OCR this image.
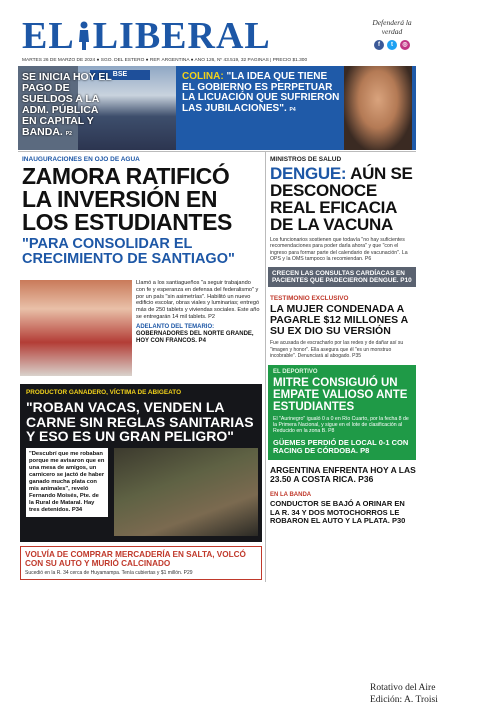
EL LIBERAL	Defenderá la verdad
f	t	◎
MARTES 26 DE MARZO DE 2024 ● SGO. DEL ESTERO ● REP. ARGENTINA ● AÑO 126, Nº 43.519, 32 PÁGINAS | PRECIO $1.300
BSE
SE INICIA HOY EL PAGO DE SUELDOS A LA ADM. PÚBLICA EN CAPITAL Y BANDA. P2
COLINA: "LA IDEA QUE TIENE EL GOBIERNO ES PERPETUAR LA LICUACIÓN QUE SUFRIERON LAS JUBILACIONES". P4
INAUGURACIONES EN OJO DE AGUA
ZAMORA RATIFICÓ LA INVERSIÓN EN LOS ESTUDIANTES
"PARA CONSOLIDAR EL CRECIMIENTO DE SANTIAGO"
Llamó a los santiagueños "a seguir trabajando con fe y esperanza en defensa del federalismo" y por un país "sin asimetrías". Habilitó un nuevo edificio escolar, obras viales y luminarias; entregó más de 250 tablets y viviendas sociales. Este año se entregarán 14 mil tablets. P2
ADELANTO DEL TEMARIO:
GOBERNADORES DEL NORTE GRANDE, HOY CON FRANCOS. P4
MINISTROS DE SALUD
DENGUE: AÚN SE DESCONOCE REAL EFICACIA DE LA VACUNA
Los funcionarios sostienen que todavía "no hay suficientes recomendaciones para poder darla ahora" y que "con el ingreso para formar parte del calendario de vacunación". La OPS y la OMS tampoco la recomiendan. P6
CRECEN LAS CONSULTAS CARDÍACAS EN PACIENTES QUE PADECIERON DENGUE. P10
TESTIMONIO EXCLUSIVO
LA MUJER CONDENADA A PAGARLE $12 MILLONES A SU EX DIO SU VERSIÓN
Fue acusada de escracharlo por las redes y de dañar así su "imagen y honor". Ella asegura que él "es un monstruo incobrable". Denunciará al abogado. P35
EL DEPORTIVO
MITRE CONSIGUIÓ UN EMPATE VALIOSO ANTE ESTUDIANTES
El "Aurinegro" igualó 0 a 0 en Río Cuarto, por la fecha 8 de la Primera Nacional, y sigue en el lote de clasificación al Reducido en la zona B. P8
GÜEMES PERDIÓ DE LOCAL 0-1 CON RACING DE CÓRDOBA. P8
ARGENTINA ENFRENTA HOY A LAS 23.50 A COSTA RICA. P36
EN LA BANDA
CONDUCTOR SE BAJÓ A ORINAR EN LA R. 34 Y DOS MOTOCHORROS LE ROBARON EL AUTO Y LA PLATA. P30
PRODUCTOR GANADERO, VÍCTIMA DE ABIGEATO
"ROBAN VACAS, VENDEN LA CARNE SIN REGLAS SANITARIAS Y ESO ES UN GRAN PELIGRO"
"Descubrí que me robaban porque me avisaron que en una mesa de amigos, un carnicero se jactó de haber ganado mucha plata con mis animales", reveló Fernando Moisés, Pte. de la Rural de Mataral. Hay tres detenidos. P34
VOLVÍA DE COMPRAR MERCADERÍA EN SALTA, VOLCÓ CON SU AUTO Y MURIÓ CALCINADO
Sucedió en la R. 34 cerca de Huyamampa. Tenía cubiertas y $1 millón. P29
Rotativo del Aire
Edición: A. Troisi
